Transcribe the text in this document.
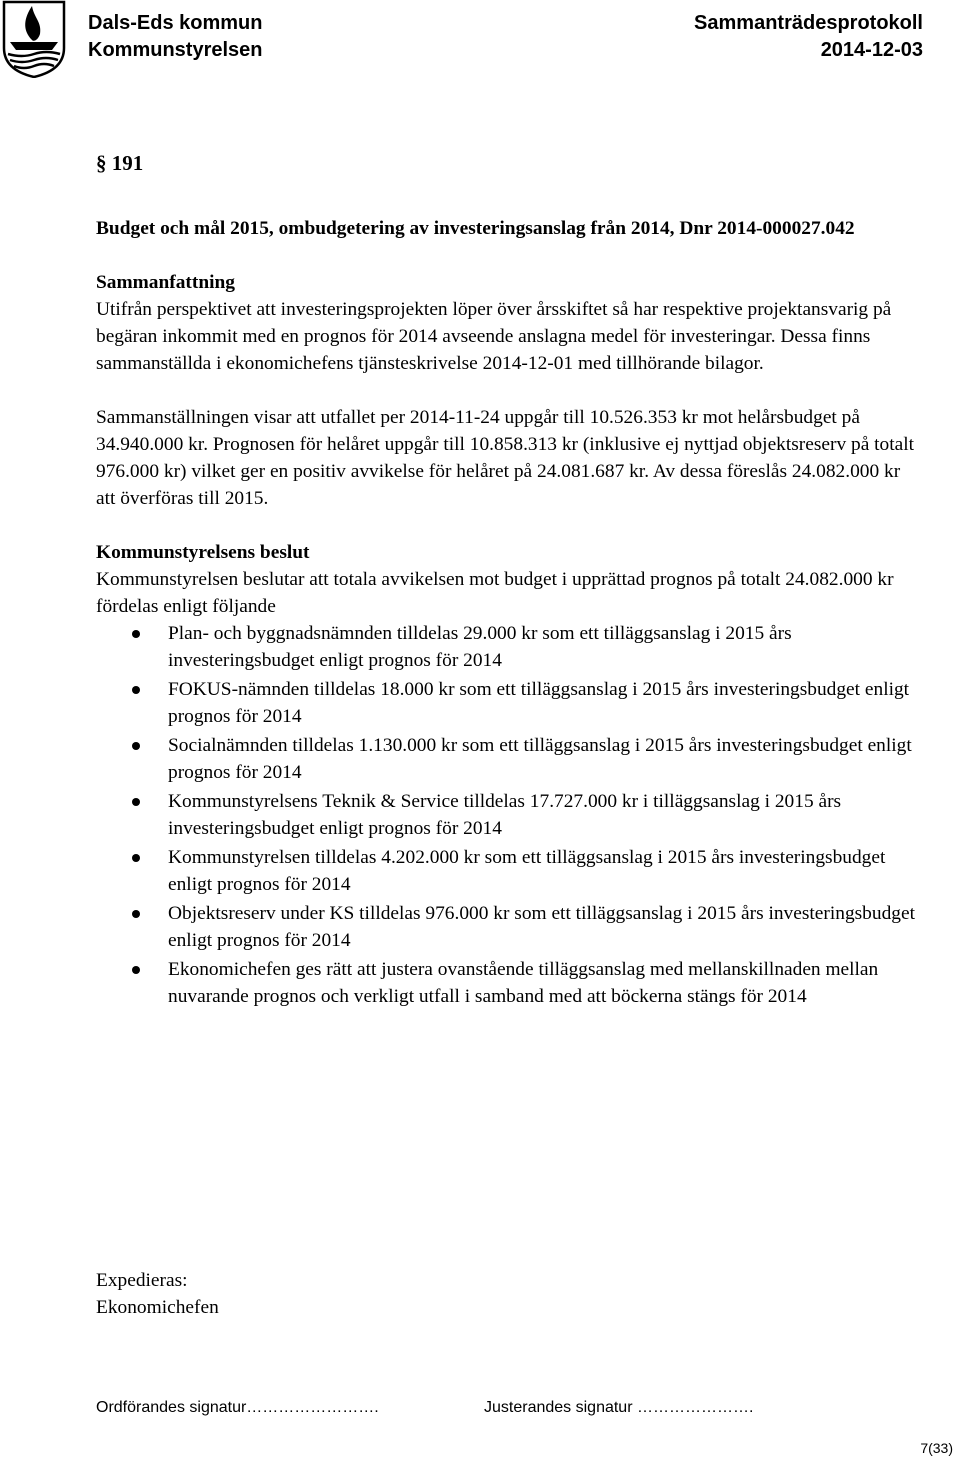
Dals-Eds kommun
Kommunstyrelsen
Sammanträdesprotokoll
2014-12-03

§ 191

Budget och mål 2015, ombudgetering av investeringsanslag från 2014, Dnr 2014-000027.042

Sammanfattning

Utifrån perspektivet att investeringsprojekten löper över årsskiftet så har respektive projektansvarig på begäran inkommit med en prognos för 2014 avseende anslagna medel för investeringar. Dessa finns sammanställda i ekonomichefens tjänsteskrivelse 2014-12-01 med tillhörande bilagor.

Sammanställningen visar att utfallet per 2014-11-24 uppgår till 10.526.353 kr mot helårsbudget på 34.940.000 kr. Prognosen för helåret uppgår till 10.858.313 kr (inklusive ej nyttjad objektsreserv på totalt 976.000 kr) vilket ger en positiv avvikelse för helåret på 24.081.687 kr. Av dessa föreslås 24.082.000 kr att överföras till 2015.

Kommunstyrelsens beslut

Kommunstyrelsen beslutar att totala avvikelsen mot budget i upprättad prognos på totalt 24.082.000 kr fördelas enligt följande

Plan- och byggnadsnämnden tilldelas 29.000 kr som ett tilläggsanslag i 2015 års investeringsbudget enligt prognos för 2014
FOKUS-nämnden tilldelas 18.000 kr som ett tilläggsanslag i 2015 års investeringsbudget enligt prognos för 2014
Socialnämnden tilldelas 1.130.000 kr som ett tilläggsanslag i 2015 års investeringsbudget enligt prognos för 2014
Kommunstyrelsens Teknik & Service tilldelas 17.727.000 kr i tilläggsanslag i 2015 års investeringsbudget enligt prognos för 2014
Kommunstyrelsen tilldelas 4.202.000 kr som ett tilläggsanslag i 2015 års investeringsbudget enligt prognos för 2014
Objektsreserv under KS tilldelas 976.000 kr som ett tilläggsanslag i 2015 års investeringsbudget enligt prognos för 2014
Ekonomichefen ges rätt att justera ovanstående tilläggsanslag med mellanskillnaden mellan nuvarande prognos och verkligt utfall i samband med att böckerna stängs för 2014
Expedieras:
Ekonomichefen
Ordförandes signatur…………………….	Justerandes signatur ………………….
7(33)
